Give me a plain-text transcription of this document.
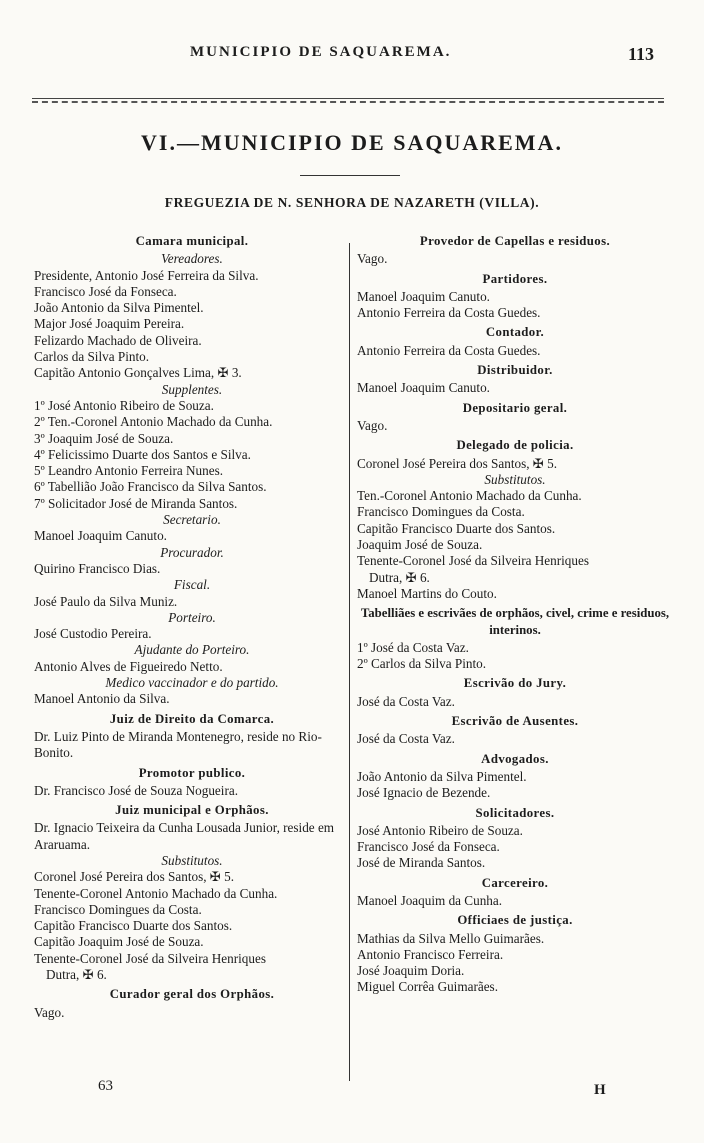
MUNICIPIO DE SAQUAREMA.	113
VI.—MUNICIPIO DE SAQUAREMA.
FREGUEZIA DE N. SENHORA DE NAZARETH (VILLA).
Camara municipal.
Vereadores.
Presidente, Antonio José Ferreira da Silva.
Francisco José da Fonseca.
João Antonio da Silva Pimentel.
Major José Joaquim Pereira.
Felizardo Machado de Oliveira.
Carlos da Silva Pinto.
Capitão Antonio Gonçalves Lima, ✠ 3.
Supplentes.
1º José Antonio Ribeiro de Souza.
2º Ten.-Coronel Antonio Machado da Cunha.
3º Joaquim José de Souza.
4º Felicissimo Duarte dos Santos e Silva.
5º Leandro Antonio Ferreira Nunes.
6º Tabellião João Francisco da Silva Santos.
7º Solicitador José de Miranda Santos.
Secretario.
Manoel Joaquim Canuto.
Procurador.
Quirino Francisco Dias.
Fiscal.
José Paulo da Silva Muniz.
Porteiro.
José Custodio Pereira.
Ajudante do Porteiro.
Antonio Alves de Figueiredo Netto.
Medico vaccinador e do partido.
Manoel Antonio da Silva.
Juiz de Direito da Comarca.
Dr. Luiz Pinto de Miranda Montenegro, reside no Rio-Bonito.
Promotor publico.
Dr. Francisco José de Souza Nogueira.
Juiz municipal e Orphãos.
Dr. Ignacio Teixeira da Cunha Lousada Junior, reside em Araruama.
Substitutos.
Coronel José Pereira dos Santos, ✠ 5.
Tenente-Coronel Antonio Machado da Cunha.
Francisco Domingues da Costa.
Capitão Francisco Duarte dos Santos.
Capitão Joaquim José de Souza.
Tenente-Coronel José da Silveira Henriques
Dutra, ✠ 6.
Curador geral dos Orphãos.
Vago.
Provedor de Capellas e residuos.
Vago.
Partidores.
Manoel Joaquim Canuto.
Antonio Ferreira da Costa Guedes.
Contador.
Antonio Ferreira da Costa Guedes.
Distribuidor.
Manoel Joaquim Canuto.
Depositario geral.
Vago.
Delegado de policia.
Coronel José Pereira dos Santos, ✠ 5.
Substitutos.
Ten.-Coronel Antonio Machado da Cunha.
Francisco Domingues da Costa.
Capitão Francisco Duarte dos Santos.
Joaquim José de Souza.
Tenente-Coronel José da Silveira Henriques
Dutra, ✠ 6.
Manoel Martins do Couto.
Tabelliães e escrivães de orphãos, civel, crime e residuos, interinos.
1º José da Costa Vaz.
2º Carlos da Silva Pinto.
Escrivão do Jury.
José da Costa Vaz.
Escrivão de Ausentes.
José da Costa Vaz.
Advogados.
João Antonio da Silva Pimentel.
José Ignacio de Bezende.
Solicitadores.
José Antonio Ribeiro de Souza.
Francisco José da Fonseca.
José de Miranda Santos.
Carcereiro.
Manoel Joaquim da Cunha.
Officiaes de justiça.
Mathias da Silva Mello Guimarães.
Antonio Francisco Ferreira.
José Joaquim Doria.
Miguel Corrêa Guimarães.
63	H
